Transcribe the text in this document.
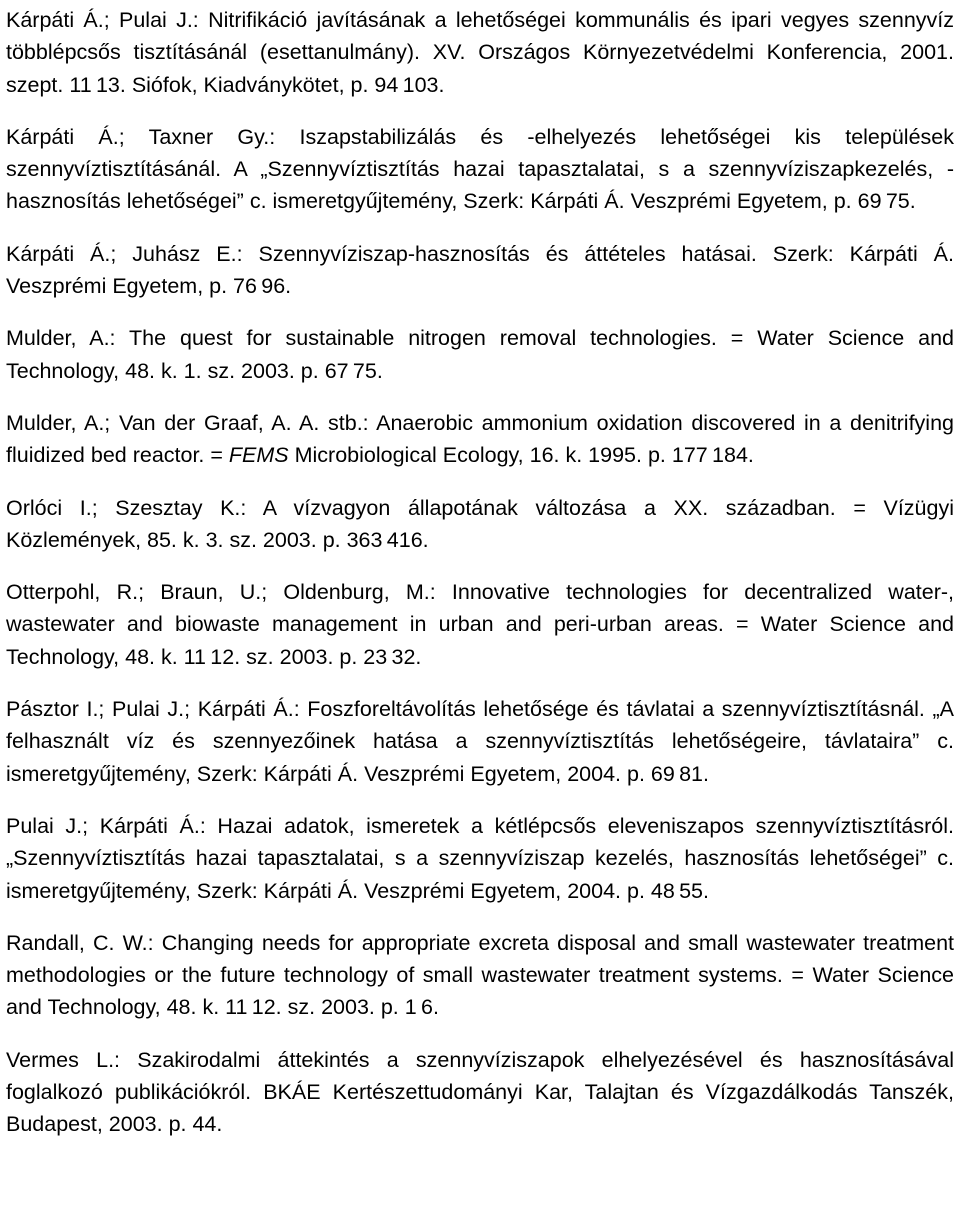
Kárpáti Á.; Pulai J.: Nitrifikáció javításának a lehetőségei kommunális és ipari vegyes szennyvíz többlépcsős tisztításánál (esettanulmány). XV. Országos Környezetvédelmi Konferencia, 2001. szept. 11 13. Siófok, Kiadványkötet, p. 94 103.

Kárpáti Á.; Taxner Gy.: Iszapstabilizálás és -elhelyezés lehetőségei kis települések szennyvíztisztításánál. A „Szennyvíztisztítás hazai tapasztalatai, s a szennyvíziszapkezelés, -hasznosítás lehetőségei” c. ismeretgyűjtemény, Szerk: Kárpáti Á. Veszprémi Egyetem, p. 69 75.

Kárpáti Á.; Juhász E.: Szennyvíziszap-hasznosítás és áttételes hatásai. Szerk: Kárpáti Á. Veszprémi Egyetem, p. 76 96.

Mulder, A.: The quest for sustainable nitrogen removal technologies. = Water Science and Technology, 48. k. 1. sz. 2003. p. 67 75.

Mulder, A.; Van der Graaf, A. A. stb.: Anaerobic ammonium oxidation discovered in a denitrifying fluidized bed reactor. = FEMS Microbiological Ecology, 16. k. 1995. p. 177 184.

Orlóci I.; Szesztay K.: A vízvagyon állapotának változása a XX. században. = Vízügyi Közlemények, 85. k. 3. sz. 2003. p. 363 416.

Otterpohl, R.; Braun, U.; Oldenburg, M.: Innovative technologies for decentralized water-, wastewater and biowaste management in urban and peri-urban areas. = Water Science and Technology, 48. k. 11 12. sz. 2003. p. 23 32.

Pásztor I.; Pulai J.; Kárpáti Á.: Foszforeltávolítás lehetősége és távlatai a szennyvíztisztításnál. „A felhasznált víz és szennyezőinek hatása a szennyvíztisztítás lehetőségeire, távlataira” c. ismeretgyűjtemény, Szerk: Kárpáti Á. Veszprémi Egyetem, 2004. p. 69 81.

Pulai J.; Kárpáti Á.: Hazai adatok, ismeretek a kétlépcsős eleveniszapos szennyvíztisztításról. „Szennyvíztisztítás hazai tapasztalatai, s a szennyvíziszap kezelés, hasznosítás lehetőségei” c. ismeretgyűjtemény, Szerk: Kárpáti Á. Veszprémi Egyetem, 2004. p. 48 55.

Randall, C. W.: Changing needs for appropriate excreta disposal and small wastewater treatment methodologies or the future technology of small wastewater treatment systems. = Water Science and Technology, 48. k. 11 12. sz. 2003. p. 1 6.

Vermes L.: Szakirodalmi áttekintés a szennyvíziszapok elhelyezésével és hasznosításával foglalkozó publikációkról. BKÁE Kertészettudományi Kar, Talajtan és Vízgazdálkodás Tanszék, Budapest, 2003. p. 44.
